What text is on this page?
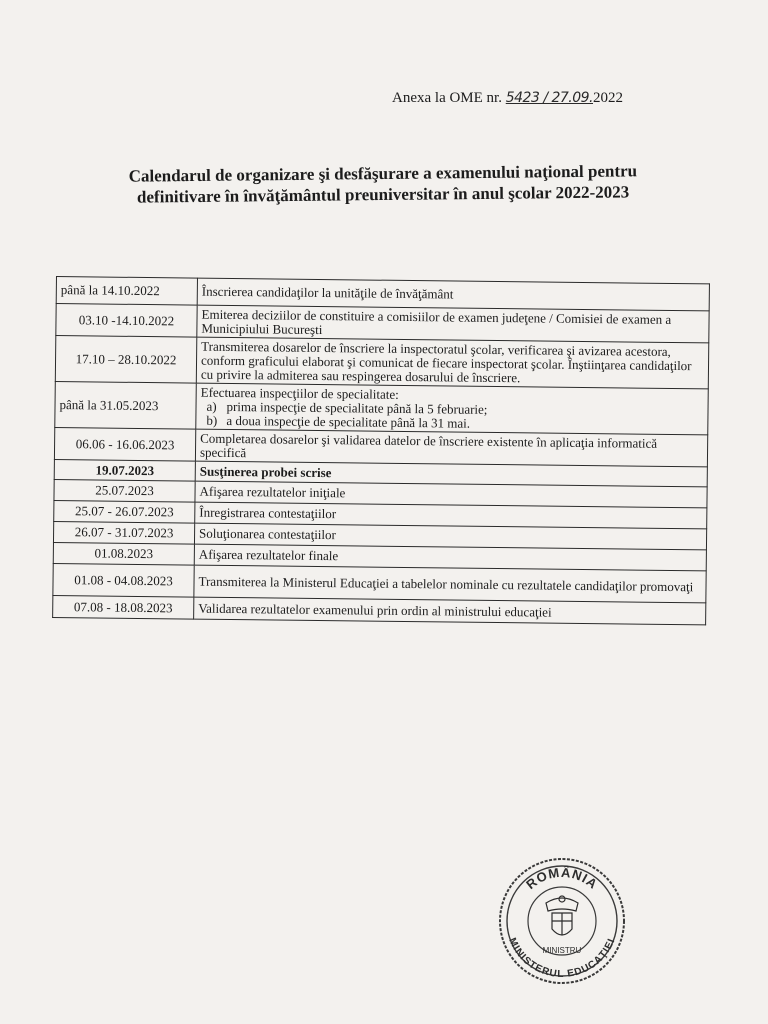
Anexa la OME nr. 5423 / 27.09.2022
Calendarul de organizare şi desfăşurare a examenului naţional pentru
definitivare în învăţământul preuniversitar în anul şcolar 2022-2023
până la 14.10.2022	Înscrierea candidaţilor la unităţile de învăţământ
03.10 -14.10.2022	Emiterea deciziilor de constituire a comisiilor de examen judeţene / Comisiei de examen a Municipiului Bucureşti
17.10 – 28.10.2022	Transmiterea dosarelor de înscriere la inspectoratul şcolar, verificarea şi avizarea acestora, conform graficului elaborat şi comunicat de fiecare inspectorat şcolar. Înştiinţarea candidaţilor cu privire la admiterea sau respingerea dosarului de înscriere.
până la 31.05.2023	Efectuarea inspecţiilor de specialitate:
a) prima inspecţie de specialitate până la 5 februarie;
b) a doua inspecţie de specialitate până la 31 mai.

06.06 - 16.06.2023	Completarea dosarelor şi validarea datelor de înscriere existente în aplicaţia informatică specifică
19.07.2023	Susţinerea probei scrise
25.07.2023	Afişarea rezultatelor iniţiale
25.07 - 26.07.2023	Înregistrarea contestaţiilor
26.07 - 31.07.2023	Soluţionarea contestaţiilor
01.08.2023	Afişarea rezultatelor finale
01.08 - 04.08.2023	Transmiterea la Ministerul Educaţiei a tabelelor nominale cu rezultatele candidaţilor promovaţi
07.08 - 18.08.2023	Validarea rezultatelor examenului prin ordin al ministrului educaţiei
ROMÂNIA
MINISTERUL EDUCAŢIEI
MINISTRU
